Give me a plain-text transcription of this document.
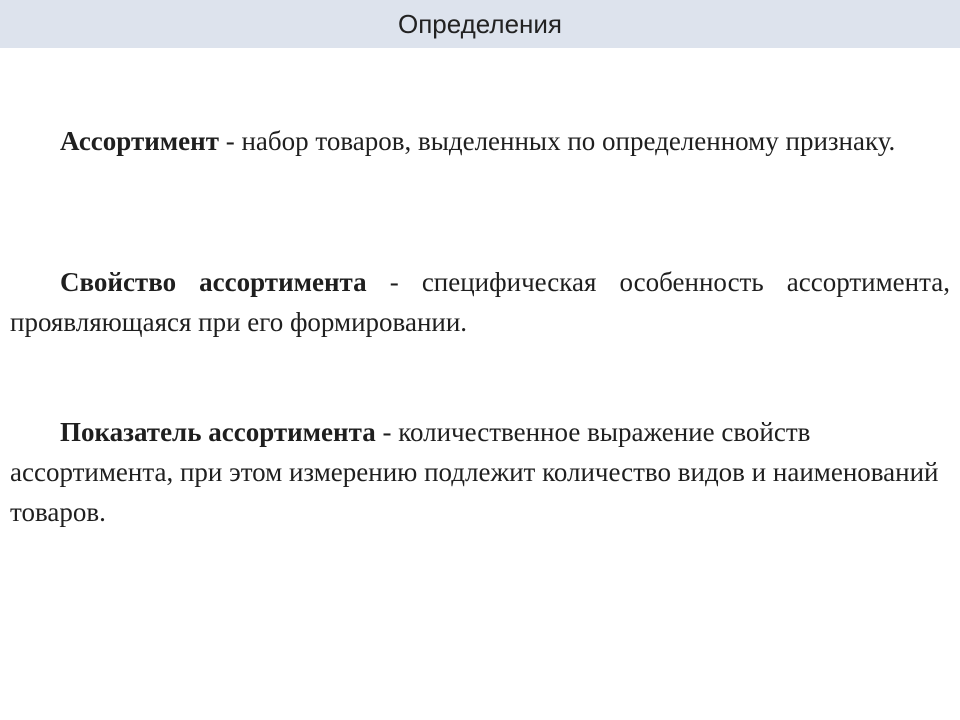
Определения

Ассортимент - набор товаров, выделенных по определенному признаку.

Свойство ассортимента - специфическая особенность ассортимента, проявляющаяся при его формировании.

Показатель ассортимента - количественное выражение свойств ассортимента, при этом измерению подлежит количество видов и наименований товаров.
